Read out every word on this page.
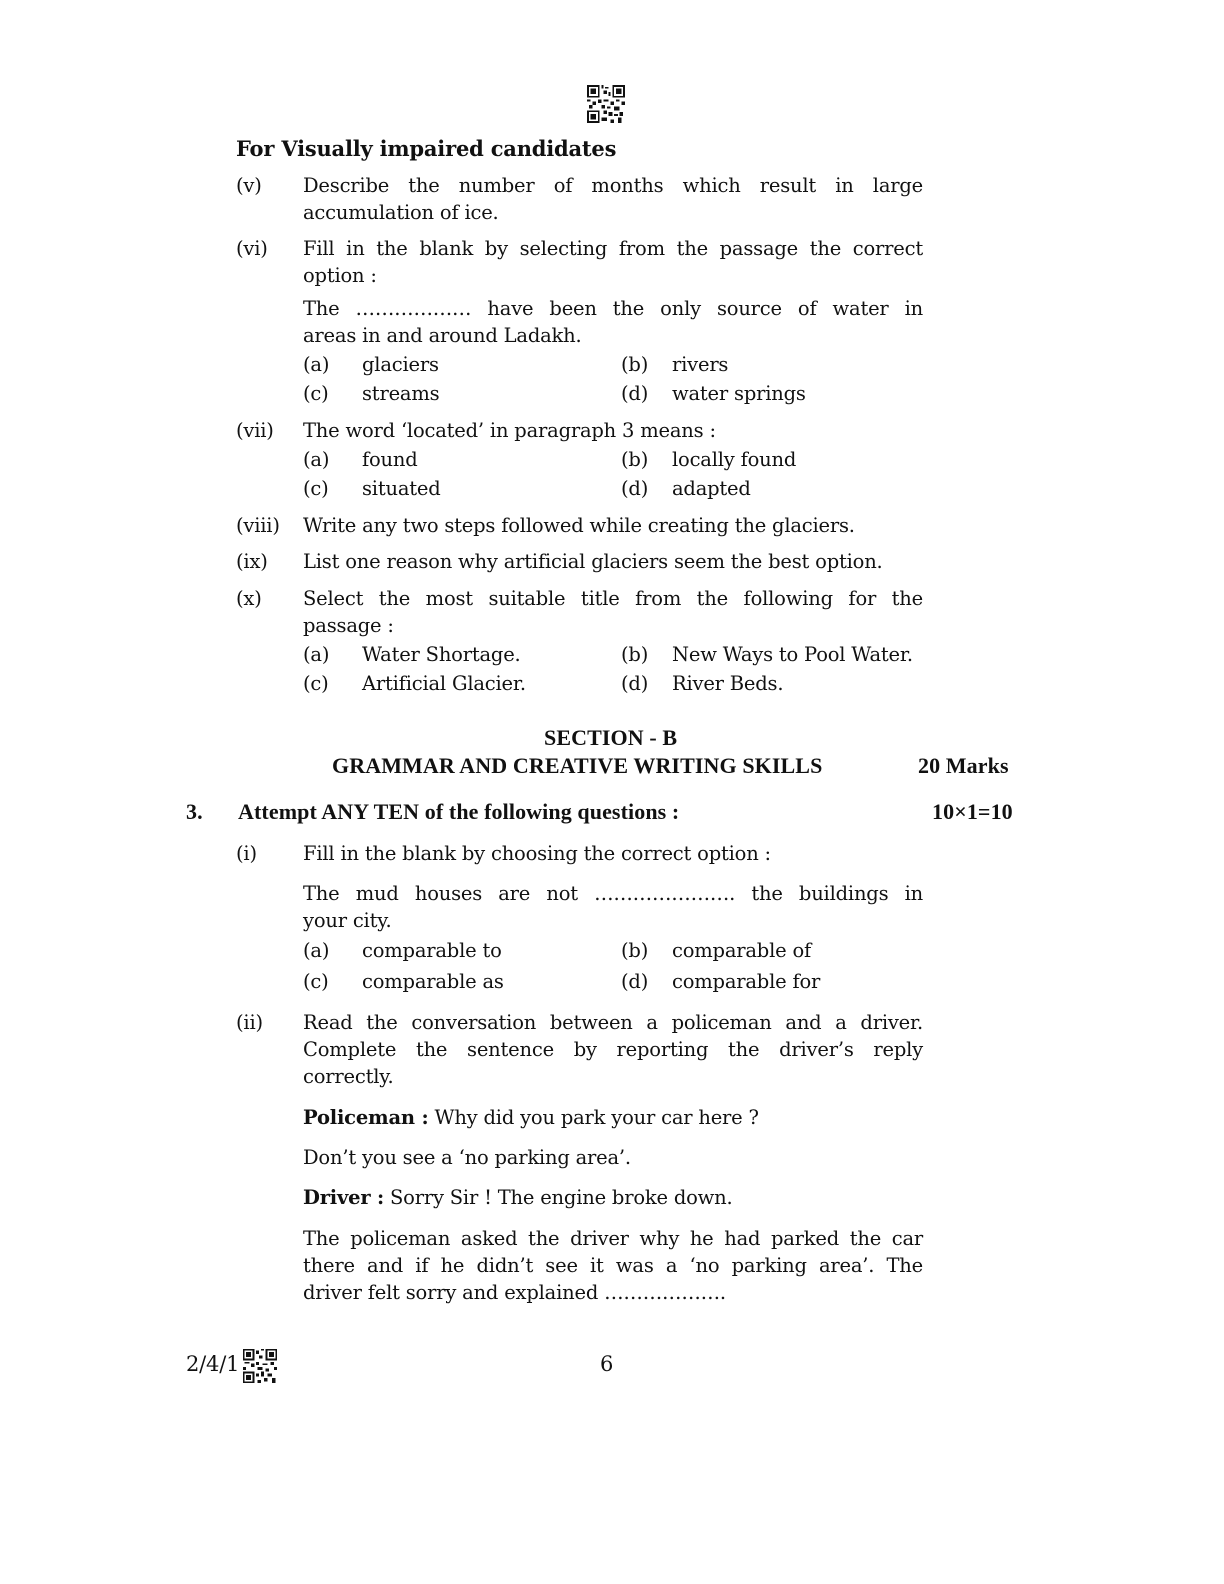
For Visually impaired candidates
(v) Describe the number of months which result in large
accumulation of ice.
(vi) Fill in the blank by selecting from the passage the correct
option :
The ……………… have been the only source of water in
areas in and around Ladakh.
(a) glaciers	(b) rivers
(c) streams	(d) water springs
(vii) The word ‘located’ in paragraph 3 means :
(a) found	(b) locally found
(c) situated	(d) adapted
(viii) Write any two steps followed while creating the glaciers.
(ix) List one reason why artificial glaciers seem the best option.
(x) Select the most suitable title from the following for the
passage :
(a) Water Shortage.	(b) New Ways to Pool Water.
(c) Artificial Glacier.	(d) River Beds.
SECTION - B
GRAMMAR AND CREATIVE WRITING SKILLS	20 Marks
3. Attempt ANY TEN of the following questions :	10×1=10
(i) Fill in the blank by choosing the correct option :
The mud houses are not …………………. the buildings in
your city.
(a) comparable to	(b) comparable of
(c) comparable as	(d) comparable for
(ii) Read the conversation between a policeman and a driver.
Complete the sentence by reporting the driver’s reply
correctly.
Policeman : Why did you park your car here ?
Don’t you see a ‘no parking area’.
Driver : Sorry Sir ! The engine broke down.
The policeman asked the driver why he had parked the car
there and if he didn’t see it was a ‘no parking area’. The
driver felt sorry and explained ……………….
2/4/1	6
